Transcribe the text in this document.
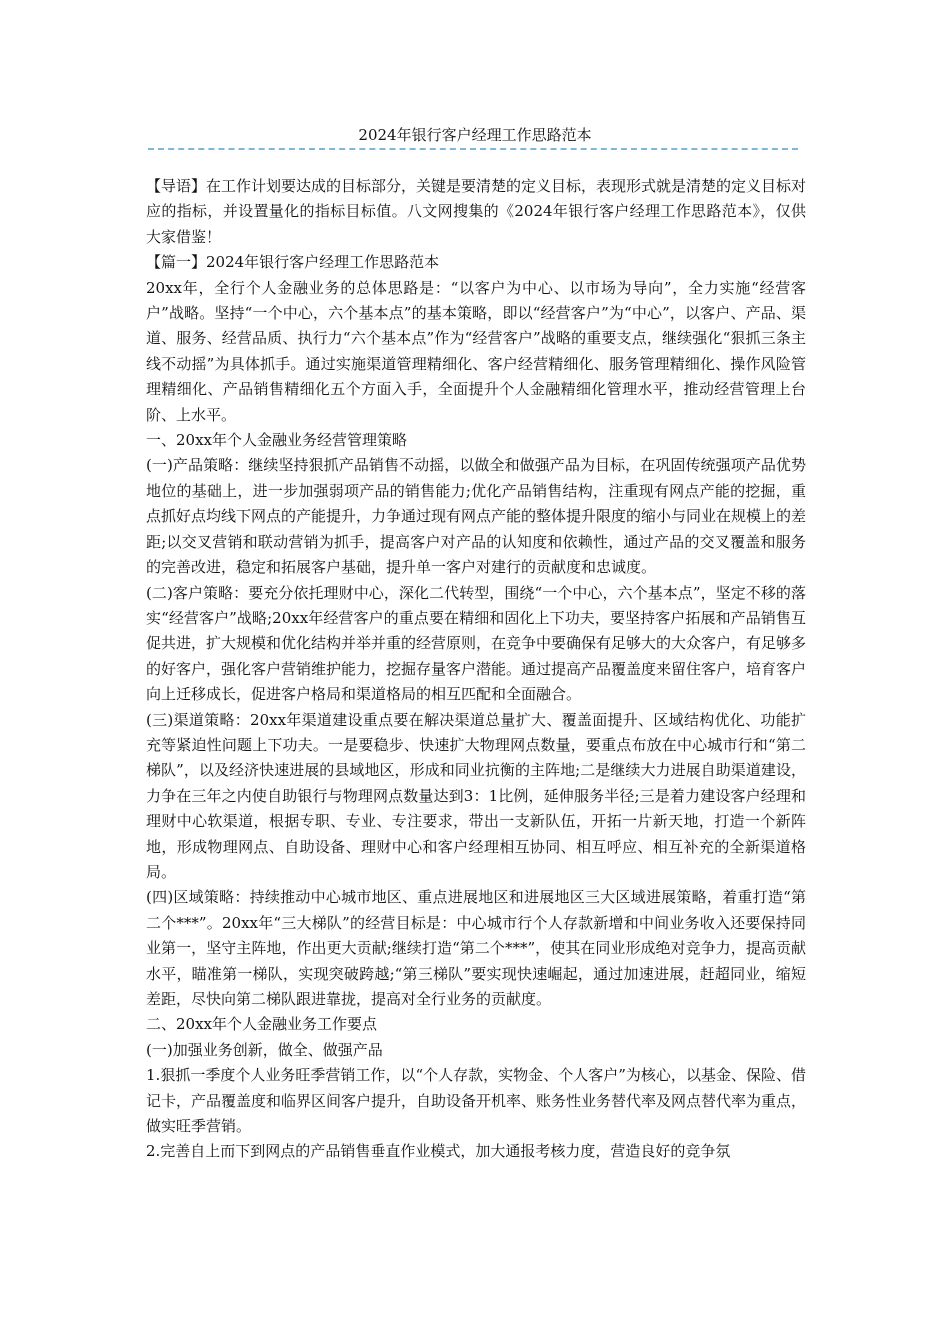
2024年银行客户经理工作思路范本

【导语】在工作计划要达成的目标部分，关键是要清楚的定义目标，表现形式就是清楚的定义目标对应的指标，并设置量化的指标目标值。八文网搜集的《2024年银行客户经理工作思路范本》，仅供大家借鉴！

【篇一】2024年银行客户经理工作思路范本

20xx年，全行个人金融业务的总体思路是：“以客户为中心、以市场为导向”，全力实施“经营客户”战略。坚持“一个中心，六个基本点”的基本策略，即以“经营客户”为“中心”，以客户、产品、渠道、服务、经营品质、执行力“六个基本点”作为“经营客户”战略的重要支点，继续强化“狠抓三条主线不动摇”为具体抓手。通过实施渠道管理精细化、客户经营精细化、服务管理精细化、操作风险管理精细化、产品销售精细化五个方面入手，全面提升个人金融精细化管理水平，推动经营管理上台阶、上水平。

一、20xx年个人金融业务经营管理策略

(一)产品策略：继续坚持狠抓产品销售不动摇，以做全和做强产品为目标，在巩固传统强项产品优势地位的基础上，进一步加强弱项产品的销售能力;优化产品销售结构，注重现有网点产能的挖掘，重点抓好点均线下网点的产能提升，力争通过现有网点产能的整体提升限度的缩小与同业在规模上的差距;以交叉营销和联动营销为抓手，提高客户对产品的认知度和依赖性，通过产品的交叉覆盖和服务的完善改进，稳定和拓展客户基础，提升单一客户对建行的贡献度和忠诚度。

(二)客户策略：要充分依托理财中心，深化二代转型，围绕“一个中心，六个基本点”，坚定不移的落实“经营客户”战略;20xx年经营客户的重点要在精细和固化上下功夫，要坚持客户拓展和产品销售互促共进，扩大规模和优化结构并举并重的经营原则，在竞争中要确保有足够大的大众客户，有足够多的好客户，强化客户营销维护能力，挖掘存量客户潜能。通过提高产品覆盖度来留住客户，培育客户向上迁移成长，促进客户格局和渠道格局的相互匹配和全面融合。

(三)渠道策略：20xx年渠道建设重点要在解决渠道总量扩大、覆盖面提升、区域结构优化、功能扩充等紧迫性问题上下功夫。一是要稳步、快速扩大物理网点数量，要重点布放在中心城市行和“第二梯队”，以及经济快速进展的县域地区，形成和同业抗衡的主阵地;二是继续大力进展自助渠道建设，力争在三年之内使自助银行与物理网点数量达到3：1比例，延伸服务半径;三是着力建设客户经理和理财中心软渠道，根据专职、专业、专注要求，带出一支新队伍，开拓一片新天地，打造一个新阵地，形成物理网点、自助设备、理财中心和客户经理相互协同、相互呼应、相互补充的全新渠道格局。

(四)区域策略：持续推动中心城市地区、重点进展地区和进展地区三大区域进展策略，着重打造“第二个***”。20xx年“三大梯队”的经营目标是：中心城市行个人存款新增和中间业务收入还要保持同业第一，坚守主阵地，作出更大贡献;继续打造“第二个***”，使其在同业形成绝对竞争力，提高贡献水平，瞄准第一梯队，实现突破跨越;“第三梯队”要实现快速崛起，通过加速进展，赶超同业，缩短差距，尽快向第二梯队跟进靠拢，提高对全行业务的贡献度。

二、20xx年个人金融业务工作要点

(一)加强业务创新，做全、做强产品

1.狠抓一季度个人业务旺季营销工作，以“个人存款，实物金、个人客户”为核心，以基金、保险、借记卡，产品覆盖度和临界区间客户提升，自助设备开机率、账务性业务替代率及网点替代率为重点，做实旺季营销。

2.完善自上而下到网点的产品销售垂直作业模式，加大通报考核力度，营造良好的竞争氛
